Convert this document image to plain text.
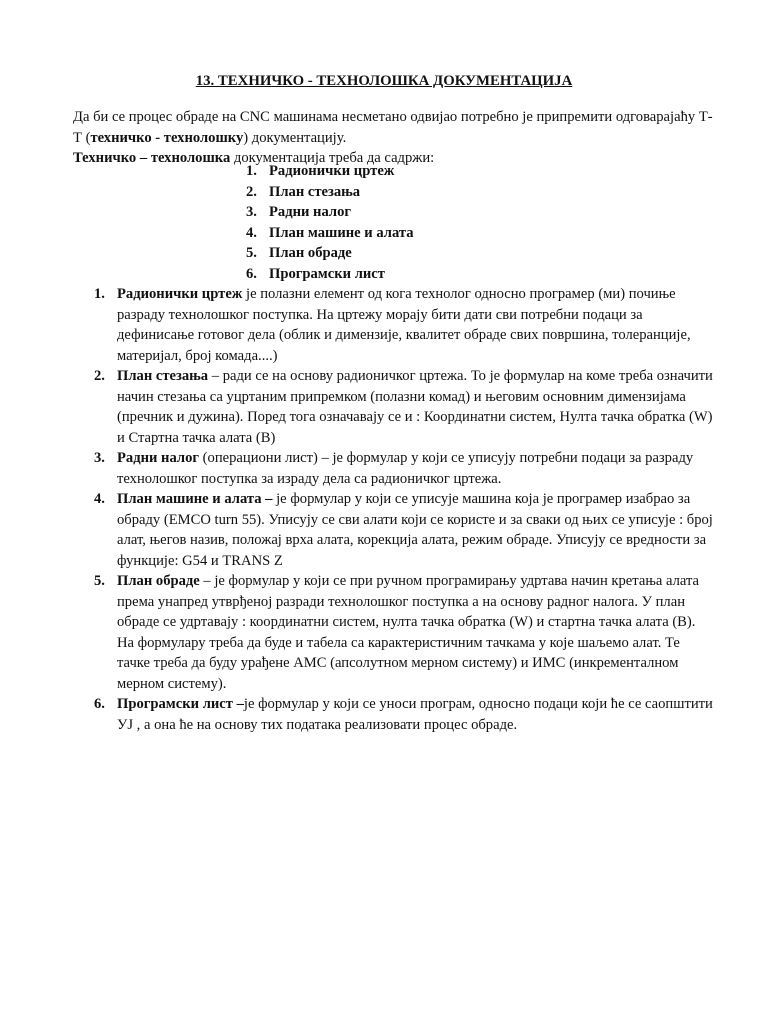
13. ТЕХНИЧКО - ТЕХНОЛОШКА ДОКУМЕНТАЦИЈА

Да би се процес обраде на CNC машинама несметано одвијао потребно је припремити одговарајаћу Т-Т (техничко - технолошку) документацију.

Техничко – технолошка документација треба да садржи:

1. Радионички цртеж
2. План стезања
3. Радни налог
4. План машине и алата
5. План обраде
6. Програмски лист
1. Радионички цртеж је полазни елемент од кога технолог односно програмер (ми) почиње разраду технолошког поступка. На цртежу морају бити дати сви потребни подаци за дефинисање готовог дела (облик и димензије, квалитет обраде свих површина, толеранције, материјал, број комада....)
2. План стезања – ради се на основу радионичког цртежа. То је формулар на коме треба означити начин стезања са уцртаним припремком (полазни комад) и његовим основним димензијама (пречник и дужина). Поред тога означавају се и : Координатни систем, Нулта тачка обратка (W) и Стартна тачка алата (B)
3. Радни налог (операциони лист) – је формулар у који се уписују потребни подаци за разраду технолошког поступка за израду дела са радионичког цртежа.
4. План машине и алата – је формулар у који се уписује машина која је програмер изабрао за обраду (EMCO turn 55). Уписују се сви алати који се користе и за сваки од њих се уписује : број алат, његов назив, положај врха алата, корекција алата, режим обраде. Уписују се вредности за функције: G54 и TRANS Z
5. План обраде – је формулар у који се при ручном програмирању удртава начин кретања алата према унапред утврђеној разради технолошког поступка а на основу радног налога. У план обраде се удртавају : координатни систем, нулта тачка обратка (W) и стартна тачка алата (B). На формулару треба да буде и табела са карактеристичним тачкама у које шаљемо алат. Те тачке треба да буду урађене АМС (апсолутном мерном систему) и ИМС (инкременталном мерном систему).
6. Програмски лист –је формулар у који се уноси програм, односно подаци који ће се саопштити УЈ , а она ће на основу тих података реализовати процес обраде.
